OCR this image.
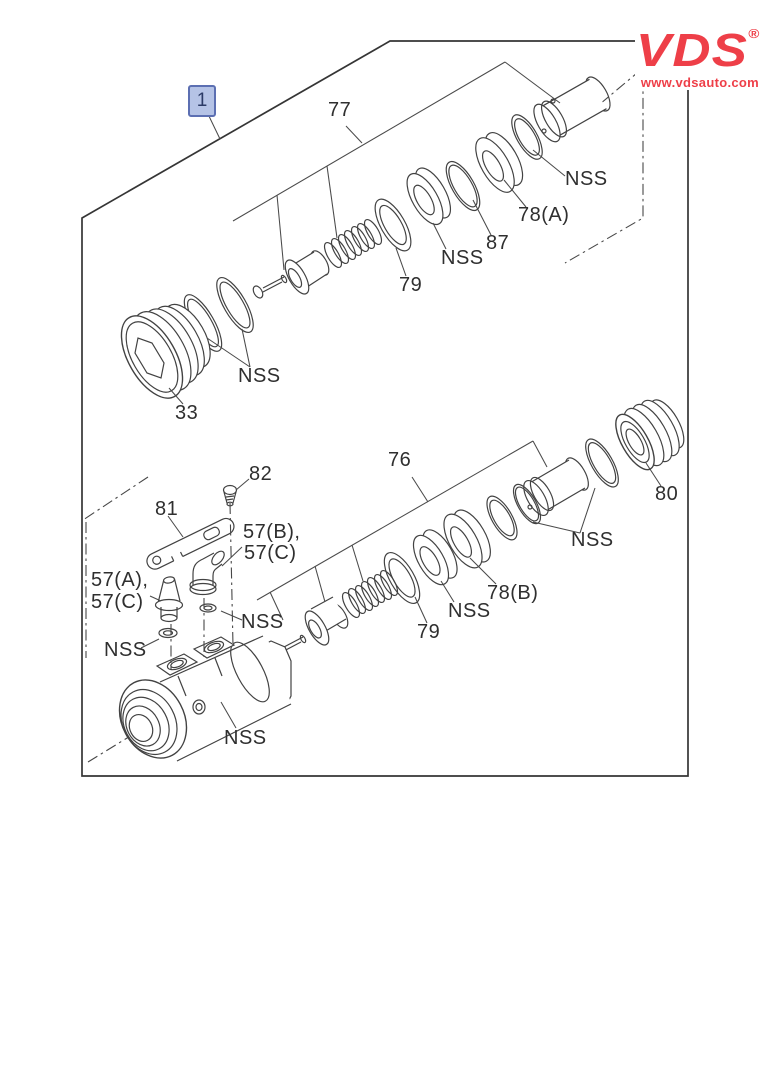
77
NSS
78(A)
87
NSS
79
NSS
33
76
80
NSS
78(B)
NSS
79
82
81
57(B),
57(C)
57(A),
57(C)
NSS
NSS
NSS
1
VDS®
www.vdsauto.com
